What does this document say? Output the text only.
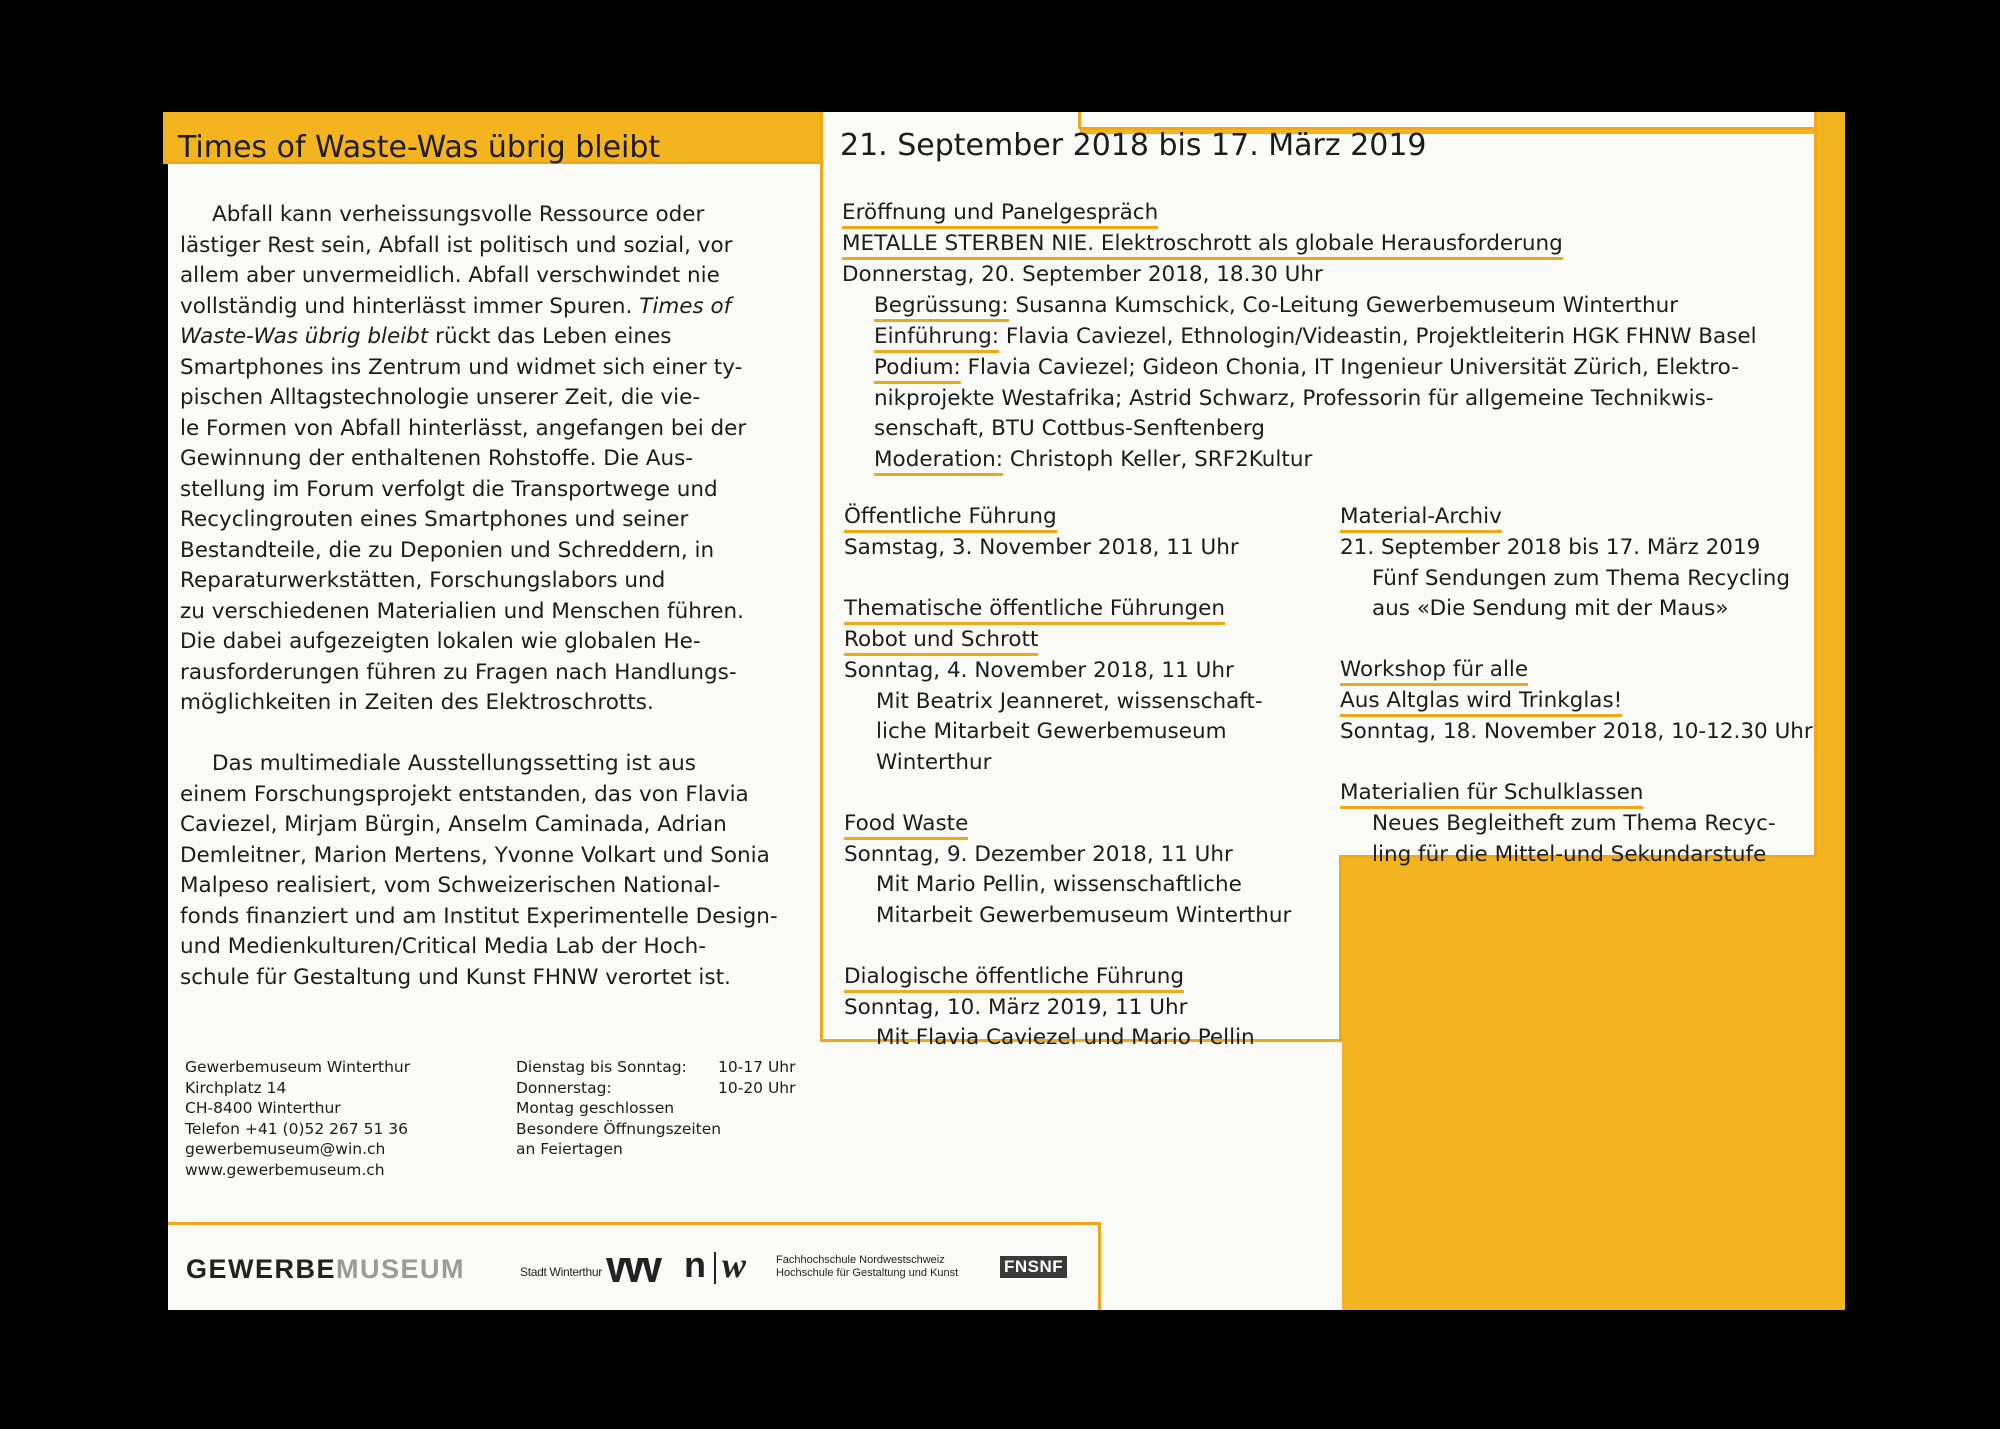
Times of Waste-Was übrig bleibt	21. September 2018 bis 17. März 2019

Abfall kann verheissungsvolle Ressource oder

lästiger Rest sein, Abfall ist politisch und sozial, vor

allem aber unvermeidlich. Abfall verschwindet nie

vollständig und hinterlässt immer Spuren. Times of

Waste-Was übrig bleibt rückt das Leben eines

Smartphones ins Zentrum und widmet sich einer ty-

pischen Alltagstechnologie unserer Zeit, die vie-

le Formen von Abfall hinterlässt, angefangen bei der

Gewinnung der enthaltenen Rohstoffe. Die Aus-

stellung im Forum verfolgt die Transportwege und

Recyclingrouten eines Smartphones und seiner

Bestandteile, die zu Deponien und Schreddern, in

Reparaturwerkstätten, Forschungslabors und

zu verschiedenen Materialien und Menschen führen.

Die dabei aufgezeigten lokalen wie globalen He-

rausforderungen führen zu Fragen nach Handlungs-

möglichkeiten in Zeiten des Elektroschrotts.

Das multimediale Ausstellungssetting ist aus

einem Forschungsprojekt entstanden, das von Flavia

Caviezel, Mirjam Bürgin, Anselm Caminada, Adrian

Demleitner, Marion Mertens, Yvonne Volkart und Sonia

Malpeso realisiert, vom Schweizerischen National-

fonds finanziert und am Institut Experimentelle Design-

und Medienkulturen/Critical Media Lab der Hoch-

schule für Gestaltung und Kunst FHNW verortet ist.

Gewerbemuseum Winterthur
Kirchplatz 14
CH-8400 Winterthur
Telefon +41 (0)52 267 51 36
gewerbemuseum@win.ch
www.gewerbemuseum.ch
Dienstag bis Sonntag: 10-17 Uhr
Donnerstag:	10-20 Uhr
Montag geschlossen
Besondere Öffnungszeiten
an Feiertagen
Eröffnung und Panelgespräch
METALLE STERBEN NIE. Elektroschrott als globale Herausforderung
Donnerstag, 20. September 2018, 18.30 Uhr
Begrüssung: Susanna Kumschick, Co-Leitung Gewerbemuseum Winterthur
Einführung: Flavia Caviezel, Ethnologin/Videastin, Projektleiterin HGK FHNW Basel
Podium: Flavia Caviezel; Gideon Chonia, IT Ingenieur Universität Zürich, Elektro-
nikprojekte Westafrika; Astrid Schwarz, Professorin für allgemeine Technikwis-
senschaft, BTU Cottbus-Senftenberg
Moderation: Christoph Keller, SRF2Kultur
Öffentliche Führung
Samstag, 3. November 2018, 11 Uhr

Thematische öffentliche Führungen
Robot und Schrott
Sonntag, 4. November 2018, 11 Uhr
Mit Beatrix Jeanneret, wissenschaft-
liche Mitarbeit Gewerbemuseum
Winterthur

Food Waste
Sonntag, 9. Dezember 2018, 11 Uhr
Mit Mario Pellin, wissenschaftliche
Mitarbeit Gewerbemuseum Winterthur

Dialogische öffentliche Führung
Sonntag, 10. März 2019, 11 Uhr
Mit Flavia Caviezel und Mario Pellin
Material-Archiv
21. September 2018 bis 17. März 2019
Fünf Sendungen zum Thema Recycling
aus «Die Sendung mit der Maus»

Workshop für alle
Aus Altglas wird Trinkglas!
Sonntag, 18. November 2018, 10-12.30 Uhr

Materialien für Schulklassen
Neues Begleitheft zum Thema Recyc-
ling für die Mittel-und Sekundarstufe
GEWERBEMUSEUM	Stadt Winterthur n w	Fachhochschule Nordwestschweiz
Hochschule für Gestaltung und Kunst	FNSNF
